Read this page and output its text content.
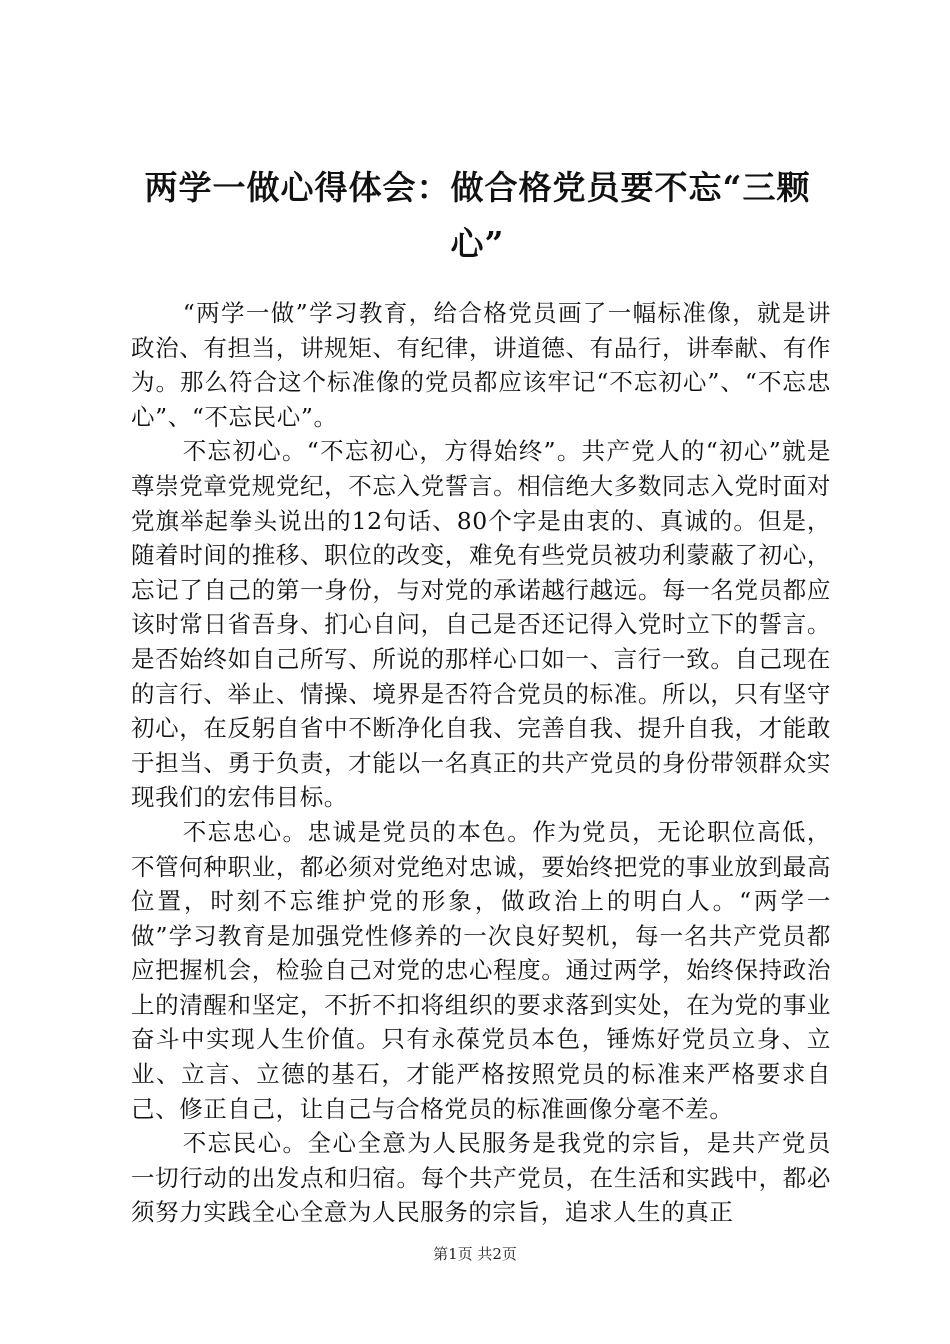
两学一做心得体会：做合格党员要不忘“三颗心”

“两学一做”学习教育，给合格党员画了一幅标准像，就是讲政治、有担当，讲规矩、有纪律，讲道德、有品行，讲奉献、有作为。那么符合这个标准像的党员都应该牢记“不忘初心”、“不忘忠心”、“不忘民心”。

不忘初心。“不忘初心，方得始终”。共产党人的“初心”就是尊崇党章党规党纪，不忘入党誓言。相信绝大多数同志入党时面对党旗举起拳头说出的12句话、80个字是由衷的、真诚的。但是，随着时间的推移、职位的改变，难免有些党员被功利蒙蔽了初心，忘记了自己的第一身份，与对党的承诺越行越远。每一名党员都应该时常日省吾身、扪心自问，自己是否还记得入党时立下的誓言。是否始终如自己所写、所说的那样心口如一、言行一致。自己现在的言行、举止、情操、境界是否符合党员的标准。所以，只有坚守初心，在反躬自省中不断净化自我、完善自我、提升自我，才能敢于担当、勇于负责，才能以一名真正的共产党员的身份带领群众实现我们的宏伟目标。

不忘忠心。忠诚是党员的本色。作为党员，无论职位高低，不管何种职业，都必须对党绝对忠诚，要始终把党的事业放到最高位置，时刻不忘维护党的形象，做政治上的明白人。“两学一做”学习教育是加强党性修养的一次良好契机，每一名共产党员都应把握机会，检验自己对党的忠心程度。通过两学，始终保持政治上的清醒和坚定，不折不扣将组织的要求落到实处，在为党的事业奋斗中实现人生价值。只有永葆党员本色，锤炼好党员立身、立业、立言、立德的基石，才能严格按照党员的标准来严格要求自己、修正自己，让自己与合格党员的标准画像分毫不差。

不忘民心。全心全意为人民服务是我党的宗旨，是共产党员一切行动的出发点和归宿。每个共产党员，在生活和实践中，都必须努力实践全心全意为人民服务的宗旨，追求人生的真正

第1页 共2页
